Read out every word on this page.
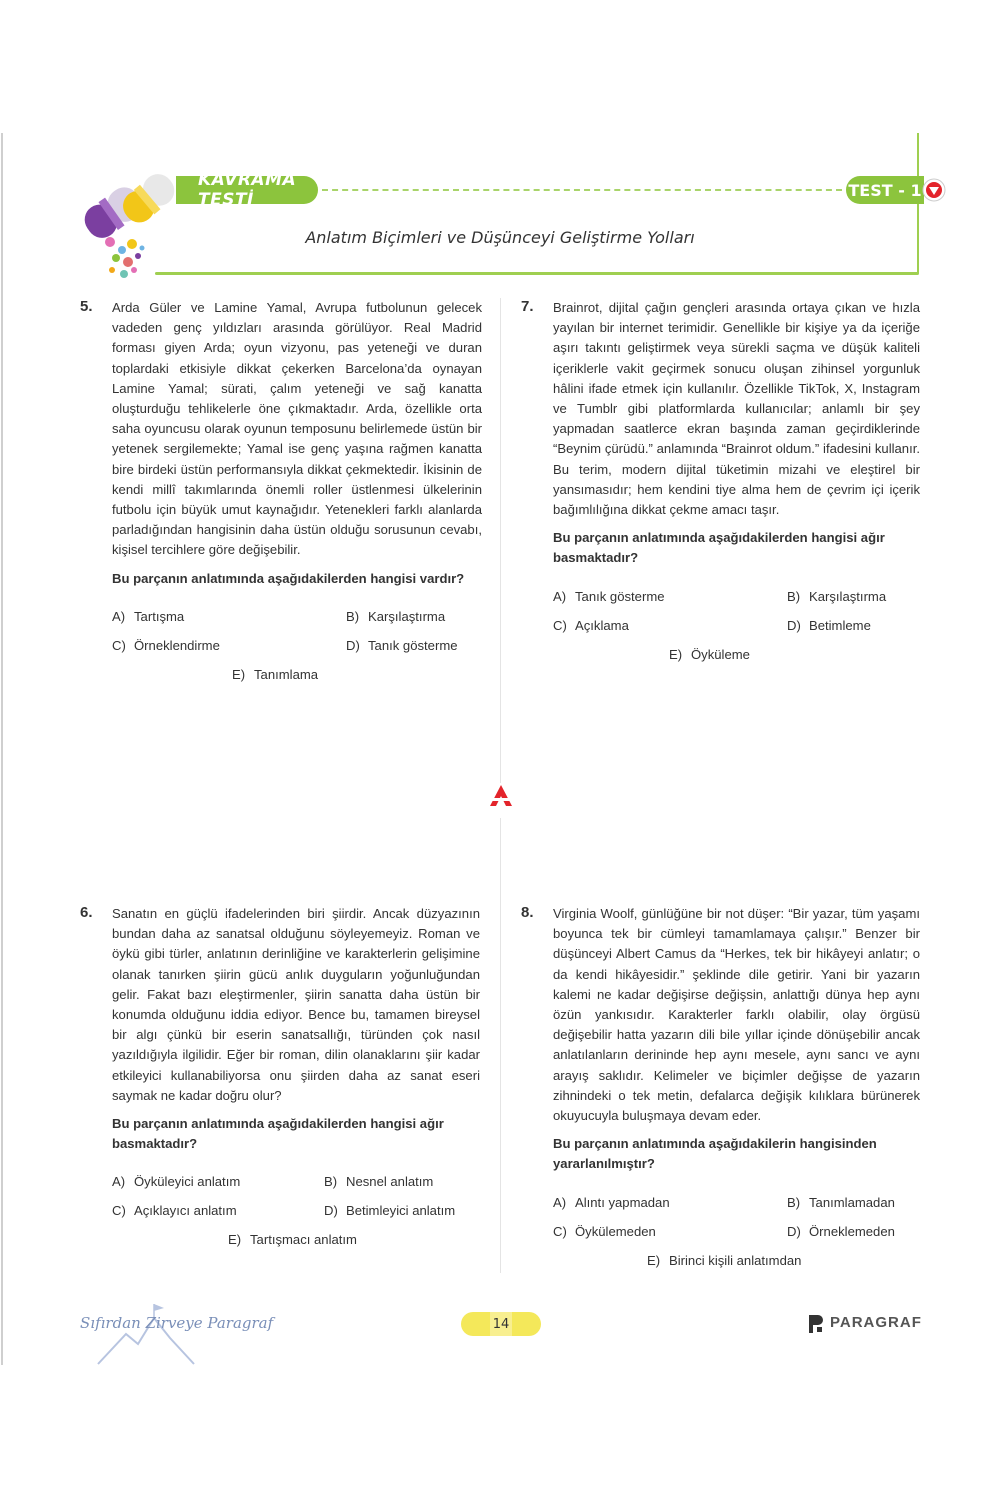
KAVRAMA TESTİ	TEST - 1
Anlatım Biçimleri ve Düşünceyi Geliştirme Yolları
5. Arda Güler ve Lamine Yamal, Avrupa futbolunun gelecek vadeden genç yıldızları arasında görülüyor. Real Madrid forması giyen Arda; oyun vizyonu, pas yeteneği ve duran toplardaki etkisiyle dikkat çekerken Barcelona’da oynayan Lamine Yamal; sürati, çalım yeteneği ve sağ kanatta oluşturduğu tehlikelerle öne çıkmaktadır. Arda, özellikle orta saha oyuncusu olarak oyunun temposunu belirlemede üstün bir yetenek sergilemekte; Yamal ise genç yaşına rağmen kanatta bire birdeki üstün performansıyla dikkat çekmektedir. İkisinin de kendi millî takımlarında önemli roller üstlenmesi ülkelerinin futbolu için büyük umut kaynağıdır. Yetenekleri farklı alanlarda parladığından hangisinin daha üstün olduğu sorusunun cevabı, kişisel tercihlere göre değişebilir.

Bu parçanın anlatımında aşağıdakilerden hangisi vardır?

A) Tartışma	B) Karşılaştırma
C) Örneklendirme	D) Tanık gösterme
E) Tanımlama
7. Brainrot, dijital çağın gençleri arasında ortaya çıkan ve hızla yayılan bir internet terimidir. Genellikle bir kişiye ya da içeriğe aşırı takıntı geliştirmek veya sürekli saçma ve düşük kaliteli içeriklerle vakit geçirmek sonucu oluşan zihinsel yorgunluk hâlini ifade etmek için kullanılır. Özellikle TikTok, X, Instagram ve Tumblr gibi platformlarda kullanıcılar; anlamlı bir şey yapmadan saatlerce ekran başında zaman geçirdiklerinde “Beynim çürüdü.” anlamında “Brainrot oldum.” ifadesini kullanır. Bu terim, modern dijital tüketimin mizahi ve eleştirel bir yansımasıdır; hem kendini tiye alma hem de çevrim içi içerik bağımlılığına dikkat çekme amacı taşır.

Bu parçanın anlatımında aşağıdakilerden hangisi ağır basmaktadır?

A) Tanık gösterme	B) Karşılaştırma
C) Açıklama	D) Betimleme
E) Öyküleme
6. Sanatın en güçlü ifadelerinden biri şiirdir. Ancak düzyazının bundan daha az sanatsal olduğunu söyleyemeyiz. Roman ve öykü gibi türler, anlatının derinliğine ve karakterlerin gelişimine olanak tanırken şiirin gücü anlık duyguların yoğunluğundan gelir. Fakat bazı eleştirmenler, şiirin sanatta daha üstün bir konumda olduğunu iddia ediyor. Bence bu, tamamen bireysel bir algı çünkü bir eserin sanatsallığı, türünden çok nasıl yazıldığıyla ilgilidir. Eğer bir roman, dilin olanaklarını şiir kadar etkileyici kullanabiliyorsa onu şiirden daha az sanat eseri saymak ne kadar doğru olur?

Bu parçanın anlatımında aşağıdakilerden hangisi ağır basmaktadır?

A) Öyküleyici anlatım	B) Nesnel anlatım
C) Açıklayıcı anlatım	D) Betimleyici anlatım
E) Tartışmacı anlatım
8. Virginia Woolf, günlüğüne bir not düşer: “Bir yazar, tüm yaşamı boyunca tek bir cümleyi tamamlamaya çalışır.” Benzer bir düşünceyi Albert Camus da “Herkes, tek bir hikâyeyi anlatır; o da kendi hikâyesidir.” şeklinde dile getirir. Yani bir yazarın kalemi ne kadar değişirse değişsin, anlattığı dünya hep aynı özün yankısıdır. Karakterler farklı olabilir, olay örgüsü değişebilir hatta yazarın dili bile yıllar içinde dönüşebilir ancak anlatılanların derininde hep aynı mesele, aynı sancı ve aynı arayış saklıdır. Kelimeler ve biçimler değişse de yazarın zihnindeki o tek metin, defalarca değişik kılıklara bürünerek okuyucuyla buluşmaya devam eder.

Bu parçanın anlatımında aşağıdakilerin hangisinden yararlanılmıştır?

A) Alıntı yapmadan	B) Tanımlamadan
C) Öykülemeden	D) Örneklemeden
E) Birinci kişili anlatımdan
Sıfırdan Zirveye Paragraf	14	PARAGRAF
